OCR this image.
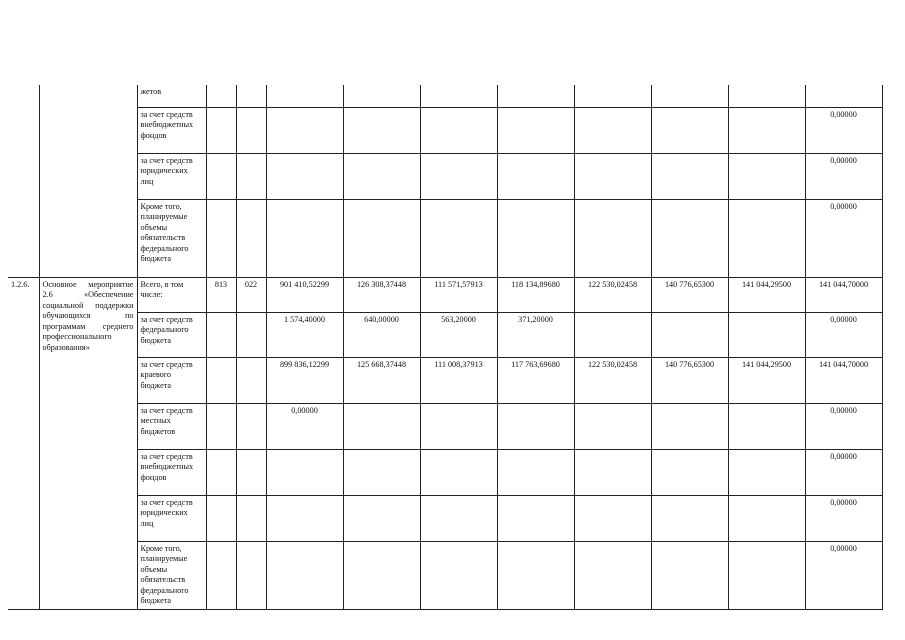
		жетов										
		за счет средств внебюджетных фондов										0,00000
		за счет средств юридических лиц										0,00000
		Кроме того, планируемые объемы обязательств федерального бюджета										0,00000
1.2.6.	Основное мероприятие 2.6 «Обеспечение социальной поддержки обучающихся по программам среднего профессионального образования»	Всего, в том числе:	813	022	901 410,52299	126 308,37448	111 571,57913	118 134,89680	122 530,02458	140 776,65300	141 044,29500	141 044,70000
		за счет средств федерального бюджета			1 574,40000	640,00000	563,20000	371,20000				0,00000
		за счет средств краевого бюджета			899 836,12299	125 668,37448	111 008,37913	117 763,69680	122 530,02458	140 776,65300	141 044,29500	141 044,70000
		за счет средств местных бюджетов			0,00000							0,00000
		за счет средств внебюджетных фондов										0,00000
		за счет средств юридических лиц										0,00000
		Кроме того, планируемые объемы обязательств федерального бюджета										0,00000
